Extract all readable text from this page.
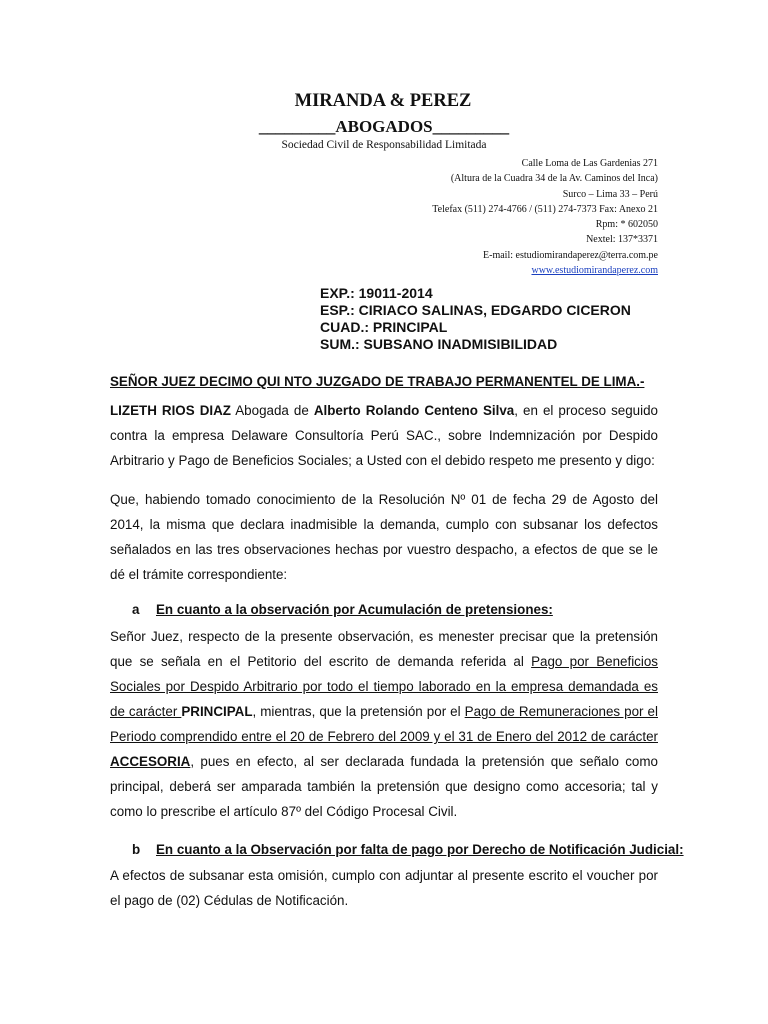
MIRANDA & PEREZ
_________ABOGADOS_________
Sociedad Civil de Responsabilidad Limitada
Calle Loma de Las Gardenias 271
(Altura de la Cuadra 34 de la Av. Caminos del Inca)
Surco – Lima 33 – Perú
Telefax (511) 274-4766 / (511) 274-7373 Fax: Anexo 21
Rpm: * 602050
Nextel: 137*3371
E-mail: estudiomirandaperez@terra.com.pe
www.estudiomirandaperez.com
EXP.: 19011-2014
ESP.: CIRIACO SALINAS, EDGARDO CICERON
CUAD.: PRINCIPAL
SUM.: SUBSANO INADMISIBILIDAD
SEÑOR JUEZ DECIMO QUI NTO JUZGADO DE TRABAJO PERMANENTEL DE LIMA.-
LIZETH RIOS DIAZ Abogada de Alberto Rolando Centeno Silva, en el proceso seguido contra la empresa Delaware Consultoría Perú SAC., sobre Indemnización por Despido Arbitrario y Pago de Beneficios Sociales; a Usted con el debido respeto me presento y digo:
Que, habiendo tomado conocimiento de la Resolución Nº 01 de fecha 29 de Agosto del 2014, la misma que declara inadmisible la demanda, cumplo con subsanar los defectos señalados en las tres observaciones hechas por vuestro despacho, a efectos de que se le dé el trámite correspondiente:
a En cuanto a la observación por Acumulación de pretensiones:
Señor Juez, respecto de la presente observación, es menester precisar que la pretensión que se señala en el Petitorio del escrito de demanda referida al Pago por Beneficios Sociales por Despido Arbitrario por todo el tiempo laborado en la empresa demandada es de carácter PRINCIPAL, mientras, que la pretensión por el Pago de Remuneraciones por el Periodo comprendido entre el 20 de Febrero del 2009 y el 31 de Enero del 2012 de carácter ACCESORIA, pues en efecto, al ser declarada fundada la pretensión que señalo como principal, deberá ser amparada también la pretensión que designo como accesoria; tal y como lo prescribe el artículo 87º del Código Procesal Civil.
b En cuanto a la Observación por falta de pago por Derecho de Notificación Judicial:
A efectos de subsanar esta omisión, cumplo con adjuntar al presente escrito el voucher por el pago de (02) Cédulas de Notificación.
